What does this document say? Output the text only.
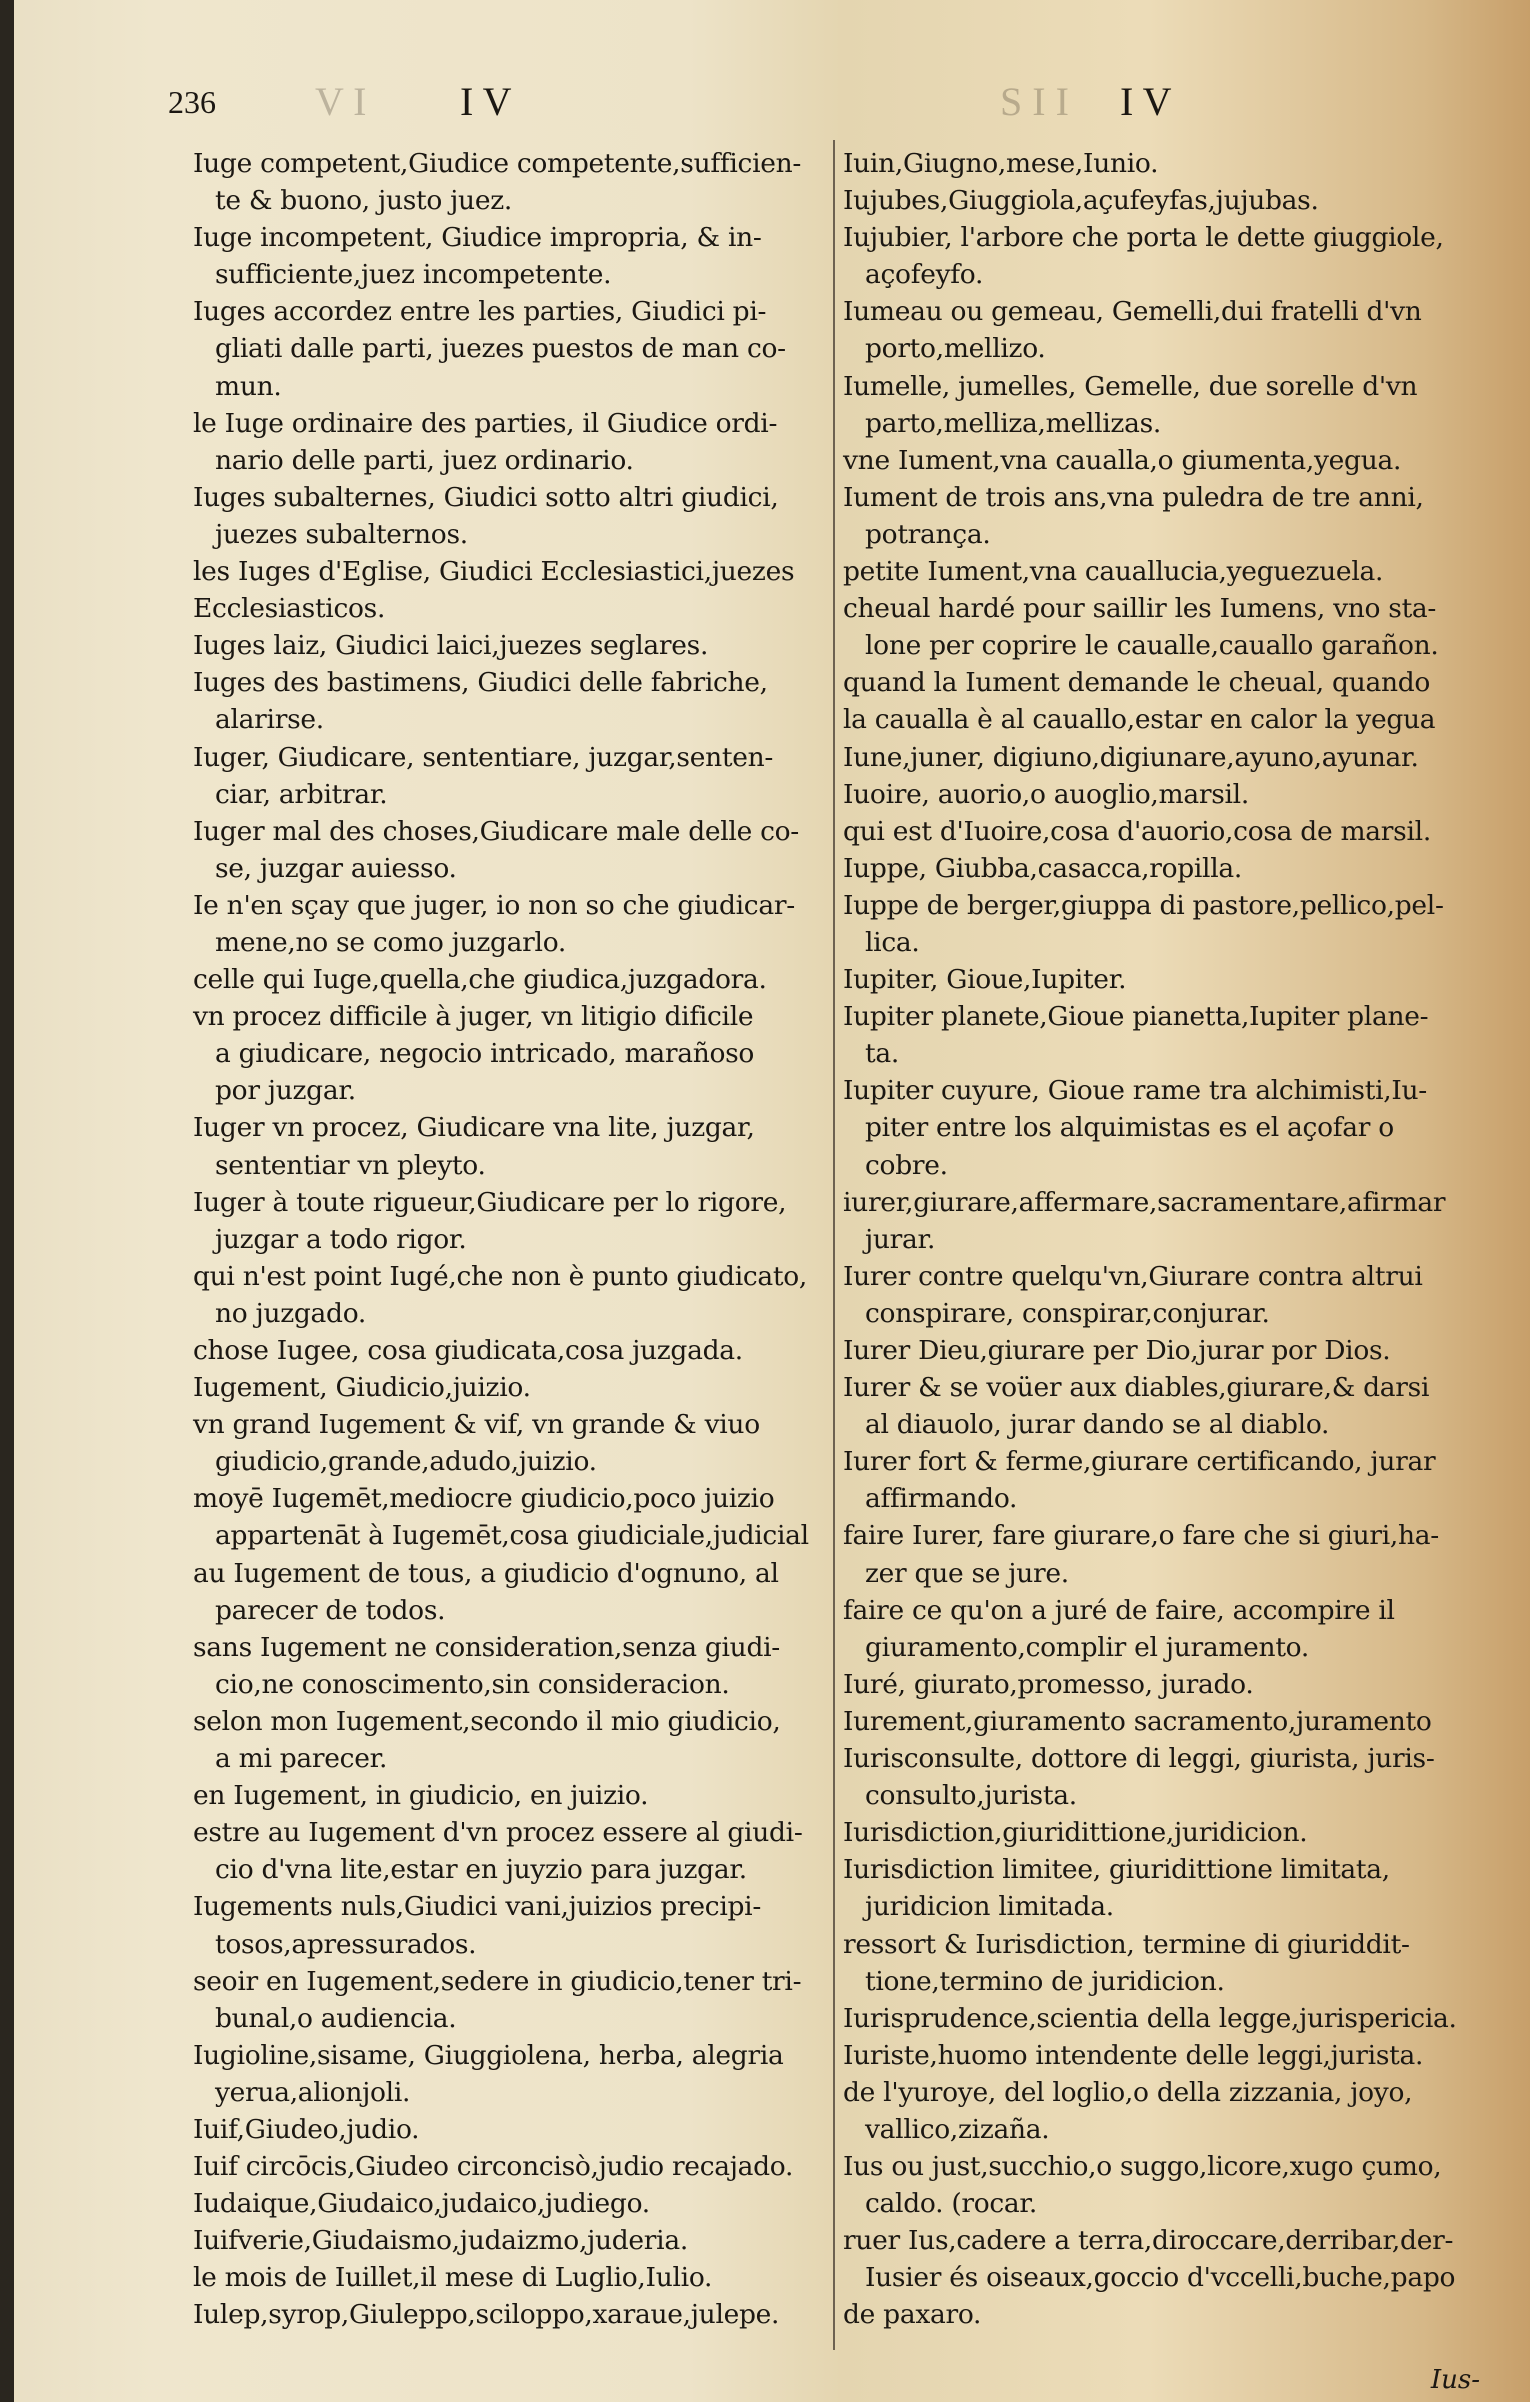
236 V I I V	S I I I V
Iuge competent,Giudice competente,sufficien-
te & buono, justo juez.
Iuge incompetent, Giudice impropria, & in-
sufficiente,juez incompetente.
Iuges accordez entre les parties, Giudici pi-
gliati dalle parti, juezes puestos de man co-
mun.
le Iuge ordinaire des parties, il Giudice ordi-
nario delle parti, juez ordinario.
Iuges subalternes, Giudici sotto altri giudici,
juezes subalternos.
les Iuges d'Eglise, Giudici Ecclesiastici,juezes
Ecclesiasticos.
Iuges laiz, Giudici laici,juezes seglares.
Iuges des bastimens, Giudici delle fabriche,
alarirse.
Iuger, Giudicare, sententiare, juzgar,senten-
ciar, arbitrar.
Iuger mal des choses,Giudicare male delle co-
se, juzgar auiesso.
Ie n'en sçay que juger, io non so che giudicar-
mene,no se como juzgarlo.
celle qui Iuge,quella,che giudica,juzgadora.
vn procez difficile à juger, vn litigio dificile
a giudicare, negocio intricado, marañoso
por juzgar.
Iuger vn procez, Giudicare vna lite, juzgar,
sententiar vn pleyto.
Iuger à toute rigueur,Giudicare per lo rigore,
juzgar a todo rigor.
qui n'est point Iugé,che non è punto giudicato,
no juzgado.
chose Iugee, cosa giudicata,cosa juzgada.
Iugement, Giudicio,juizio.
vn grand Iugement & vif, vn grande & viuo
giudicio,grande,adudo,juizio.
moyē Iugemēt,mediocre giudicio,poco juizio
appartenāt à Iugemēt,cosa giudiciale,judicial
au Iugement de tous, a giudicio d'ognuno, al
parecer de todos.
sans Iugement ne consideration,senza giudi-
cio,ne conoscimento,sin consideracion.
selon mon Iugement,secondo il mio giudicio,
a mi parecer.
en Iugement, in giudicio, en juizio.
estre au Iugement d'vn procez essere al giudi-
cio d'vna lite,estar en juyzio para juzgar.
Iugements nuls,Giudici vani,juizios precipi-
tosos,apressurados.
seoir en Iugement,sedere in giudicio,tener tri-
bunal,o audiencia.
Iugioline,sisame, Giuggiolena, herba, alegria
yerua,alionjoli.
Iuif,Giudeo,judio.
Iuif circōcis,Giudeo circoncisò,judio recajado.
Iudaique,Giudaico,judaico,judiego.
Iuifverie,Giudaismo,judaizmo,juderia.
le mois de Iuillet,il mese di Luglio,Iulio.
Iulep,syrop,Giuleppo,sciloppo,xaraue,julepe.
Iuin,Giugno,mese,Iunio.
Iujubes,Giuggiola,açufeyfas,jujubas.
Iujubier, l'arbore che porta le dette giuggiole,
açofeyfo.
Iumeau ou gemeau, Gemelli,dui fratelli d'vn
porto,mellizo.
Iumelle, jumelles, Gemelle, due sorelle d'vn
parto,melliza,mellizas.
vne Iument,vna caualla,o giumenta,yegua.
Iument de trois ans,vna puledra de tre anni,
potrança.
petite Iument,vna cauallucia,yeguezuela.
cheual hardé pour saillir les Iumens, vno sta-
lone per coprire le caualle,cauallo garañon.
quand la Iument demande le cheual, quando
la caualla è al cauallo,estar en calor la yegua
Iune,juner, digiuno,digiunare,ayuno,ayunar.
Iuoire, auorio,o auoglio,marsil.
qui est d'Iuoire,cosa d'auorio,cosa de marsil.
Iuppe, Giubba,casacca,ropilla.
Iuppe de berger,giuppa di pastore,pellico,pel-
lica.
Iupiter, Gioue,Iupiter.
Iupiter planete,Gioue pianetta,Iupiter plane-
ta.
Iupiter cuyure, Gioue rame tra alchimisti,Iu-
piter entre los alquimistas es el açofar o
cobre.
iurer,giurare,affermare,sacramentare,afirmar
jurar.
Iurer contre quelqu'vn,Giurare contra altrui
conspirare, conspirar,conjurar.
Iurer Dieu,giurare per Dio,jurar por Dios.
Iurer & se voüer aux diables,giurare,& darsi
al diauolo, jurar dando se al diablo.
Iurer fort & ferme,giurare certificando, jurar
affirmando.
faire Iurer, fare giurare,o fare che si giuri,ha-
zer que se jure.
faire ce qu'on a juré de faire, accompire il
giuramento,complir el juramento.
Iuré, giurato,promesso, jurado.
Iurement,giuramento sacramento,juramento
Iurisconsulte, dottore di leggi, giurista, juris-
consulto,jurista.
Iurisdiction,giuridittione,juridicion.
Iurisdiction limitee, giuridittione limitata,
juridicion limitada.
ressort & Iurisdiction, termine di giuriddit-
tione,termino de juridicion.
Iurisprudence,scientia della legge,jurispericia.
Iuriste,huomo intendente delle leggi,jurista.
de l'yuroye, del loglio,o della zizzania, joyo,
vallico,zizaña.
Ius ou just,succhio,o suggo,licore,xugo çumo,
caldo. (rocar.
ruer Ius,cadere a terra,diroccare,derribar,der-
Iusier és oiseaux,goccio d'vccelli,buche,papo
de paxaro.
Ius-
